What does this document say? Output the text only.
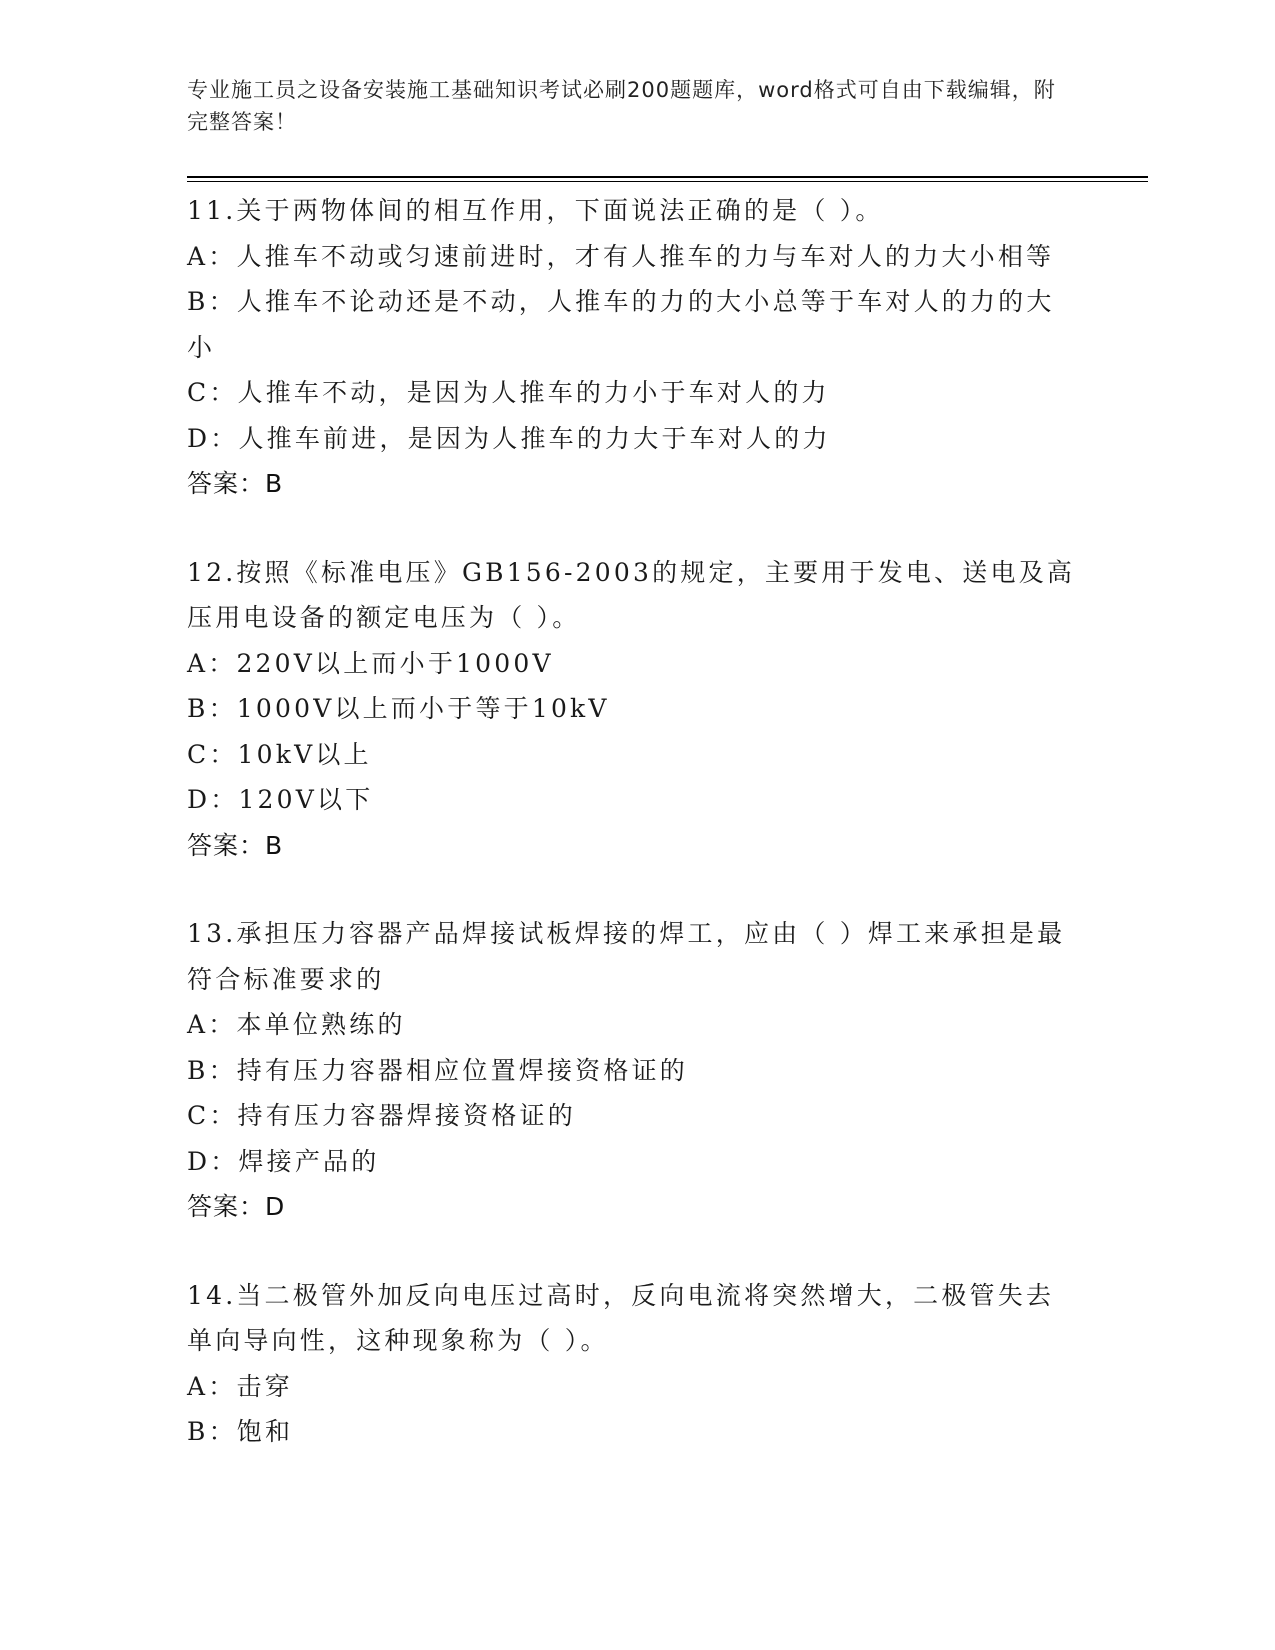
专业施工员之设备安装施工基础知识考试必刷200题题库，word格式可自由下载编辑，附完整答案！
11.关于两物体间的相互作用，下面说法正确的是（ ）。
A：人推车不动或匀速前进时，才有人推车的力与车对人的力大小相等
B：人推车不论动还是不动，人推车的力的大小总等于车对人的力的大小
C：人推车不动，是因为人推车的力小于车对人的力
D：人推车前进，是因为人推车的力大于车对人的力
答案：B
12.按照《标准电压》GB156-2003的规定，主要用于发电、送电及高压用电设备的额定电压为（ ）。
A：220V以上而小于1000V
B：1000V以上而小于等于10kV
C：10kV以上
D：120V以下
答案：B
13.承担压力容器产品焊接试板焊接的焊工，应由（ ）焊工来承担是最符合标准要求的
A：本单位熟练的
B：持有压力容器相应位置焊接资格证的
C：持有压力容器焊接资格证的
D：焊接产品的
答案：D
14.当二极管外加反向电压过高时，反向电流将突然增大，二极管失去单向导向性，这种现象称为（ ）。
A：击穿
B：饱和
